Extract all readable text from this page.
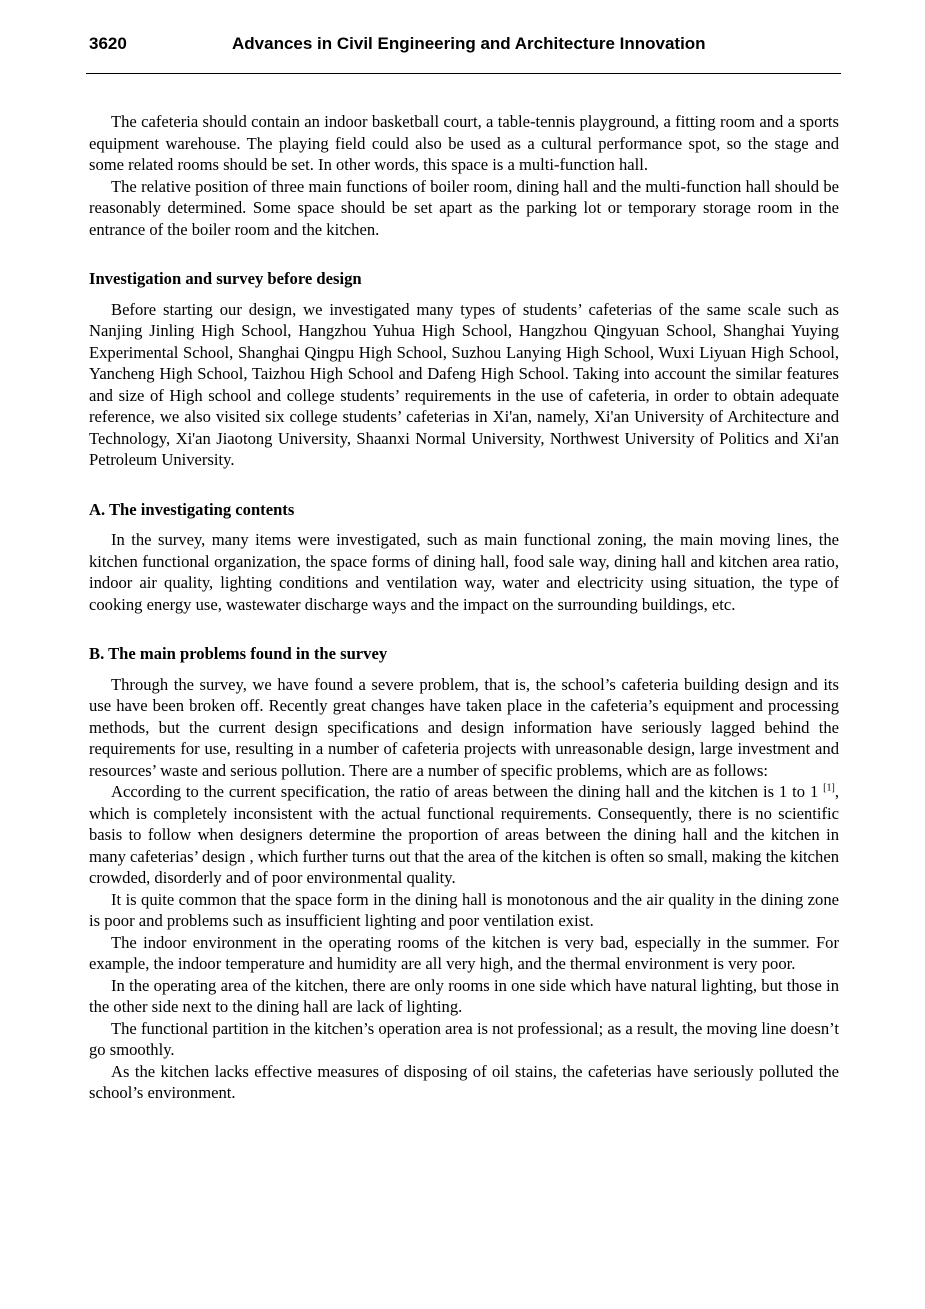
3620	Advances in Civil Engineering and Architecture Innovation

The cafeteria should contain an indoor basketball court, a table-tennis playground, a fitting room and a sports equipment warehouse. The playing field could also be used as a cultural performance spot, so the stage and some related rooms should be set. In other words, this space is a multi-function hall.

The relative position of three main functions of boiler room, dining hall and the multi-function hall should be reasonably determined. Some space should be set apart as the parking lot or temporary storage room in the entrance of the boiler room and the kitchen.

Investigation and survey before design

Before starting our design, we investigated many types of students’ cafeterias of the same scale such as Nanjing Jinling High School, Hangzhou Yuhua High School, Hangzhou Qingyuan School, Shanghai Yuying Experimental School, Shanghai Qingpu High School, Suzhou Lanying High School, Wuxi Liyuan High School, Yancheng High School, Taizhou High School and Dafeng High School. Taking into account the similar features and size of High school and college students’ requirements in the use of cafeteria, in order to obtain adequate reference, we also visited six college students’ cafeterias in Xi'an, namely, Xi'an University of Architecture and Technology, Xi'an Jiaotong University, Shaanxi Normal University, Northwest University of Politics and Xi'an Petroleum University.

A. The investigating contents

In the survey, many items were investigated, such as main functional zoning, the main moving lines, the kitchen functional organization, the space forms of dining hall, food sale way, dining hall and kitchen area ratio, indoor air quality, lighting conditions and ventilation way, water and electricity using situation, the type of cooking energy use, wastewater discharge ways and the impact on the surrounding buildings, etc.

B. The main problems found in the survey

Through the survey, we have found a severe problem, that is, the school’s cafeteria building design and its use have been broken off. Recently great changes have taken place in the cafeteria’s equipment and processing methods, but the current design specifications and design information have seriously lagged behind the requirements for use, resulting in a number of cafeteria projects with unreasonable design, large investment and resources’ waste and serious pollution. There are a number of specific problems, which are as follows:

According to the current specification, the ratio of areas between the dining hall and the kitchen is 1 to 1 [1], which is completely inconsistent with the actual functional requirements. Consequently, there is no scientific basis to follow when designers determine the proportion of areas between the dining hall and the kitchen in many cafeterias’ design , which further turns out that the area of the kitchen is often so small, making the kitchen crowded, disorderly and of poor environmental quality.

It is quite common that the space form in the dining hall is monotonous and the air quality in the dining zone is poor and problems such as insufficient lighting and poor ventilation exist.

The indoor environment in the operating rooms of the kitchen is very bad, especially in the summer. For example, the indoor temperature and humidity are all very high, and the thermal environment is very poor.

In the operating area of the kitchen, there are only rooms in one side which have natural lighting, but those in the other side next to the dining hall are lack of lighting.

The functional partition in the kitchen’s operation area is not professional; as a result, the moving line doesn’t go smoothly.

As the kitchen lacks effective measures of disposing of oil stains, the cafeterias have seriously polluted the school’s environment.
